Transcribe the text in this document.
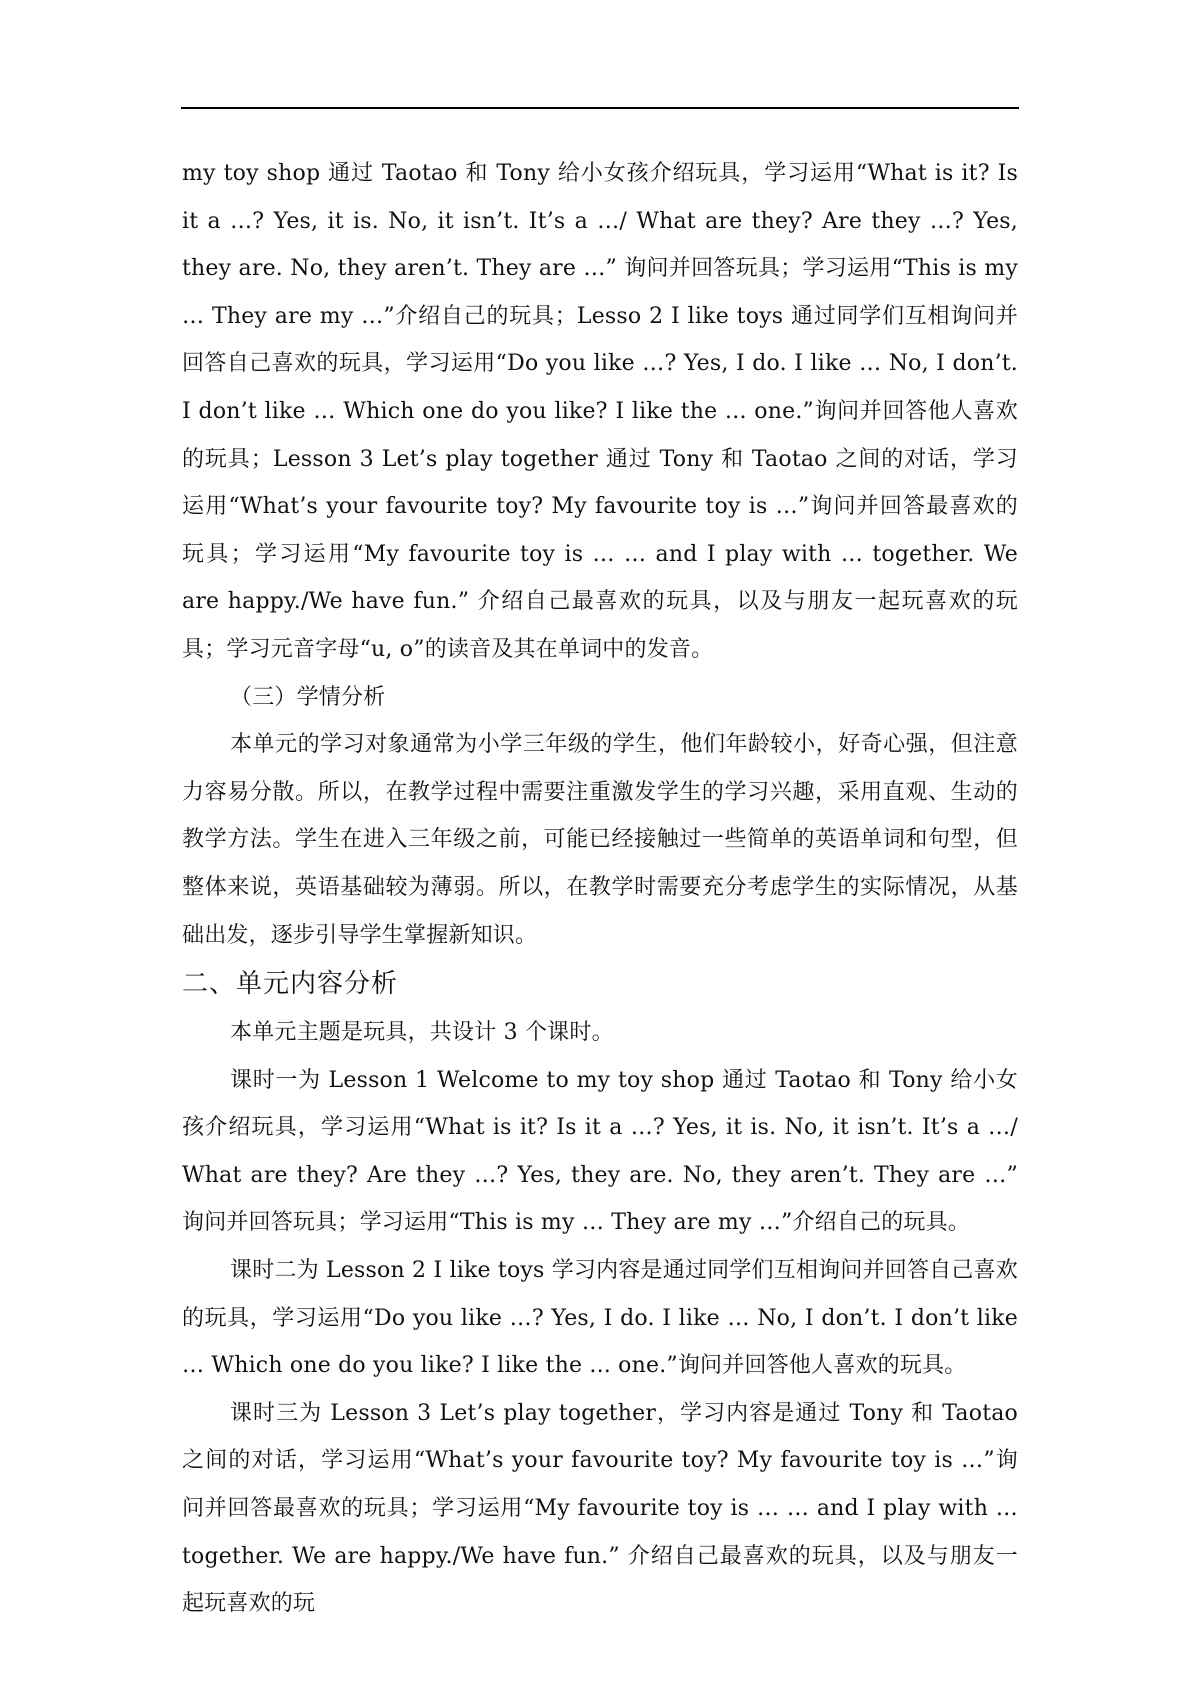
my toy shop 通过 Taotao 和 Tony 给小女孩介绍玩具，学习运用“What is it? Is it a …? Yes, it is. No, it isn’t. It’s a …/ What are they? Are they …? Yes, they are. No, they aren’t. They are …” 询问并回答玩具；学习运用“This is my … They are my …”介绍自己的玩具；Lesso 2 I like toys 通过同学们互相询问并回答自己喜欢的玩具，学习运用“Do you like …? Yes, I do. I like … No, I don’t. I don’t like … Which one do you like? I like the ... one.”询问并回答他人喜欢的玩具；Lesson 3 Let’s play together 通过 Tony 和 Taotao 之间的对话，学习运用“What’s your favourite toy? My favourite toy is …”询问并回答最喜欢的玩具；学习运用“My favourite toy is … … and I play with … together. We are happy./We have fun.” 介绍自己最喜欢的玩具，以及与朋友一起玩喜欢的玩具；学习元音字母“u, o”的读音及其在单词中的发音。

（三）学情分析

本单元的学习对象通常为小学三年级的学生，他们年龄较小，好奇心强，但注意力容易分散。所以，在教学过程中需要注重激发学生的学习兴趣，采用直观、生动的教学方法。学生在进入三年级之前，可能已经接触过一些简单的英语单词和句型，但整体来说，英语基础较为薄弱。所以，在教学时需要充分考虑学生的实际情况，从基础出发，逐步引导学生掌握新知识。

二、单元内容分析

本单元主题是玩具，共设计 3 个课时。

课时一为 Lesson 1 Welcome to my toy shop 通过 Taotao 和 Tony 给小女孩介绍玩具，学习运用“What is it? Is it a …? Yes, it is. No, it isn’t. It’s a …/ What are they? Are they …? Yes, they are. No, they aren’t. They are …” 询问并回答玩具；学习运用“This is my … They are my …”介绍自己的玩具。

课时二为 Lesson 2 I like toys 学习内容是通过同学们互相询问并回答自己喜欢的玩具，学习运用“Do you like …? Yes, I do. I like … No, I don’t. I don’t like … Which one do you like? I like the ... one.”询问并回答他人喜欢的玩具。

课时三为 Lesson 3 Let’s play together，学习内容是通过 Tony 和 Taotao 之间的对话，学习运用“What’s your favourite toy? My favourite toy is …”询问并回答最喜欢的玩具；学习运用“My favourite toy is … … and I play with … together. We are happy./We have fun.” 介绍自己最喜欢的玩具，以及与朋友一起玩喜欢的玩
